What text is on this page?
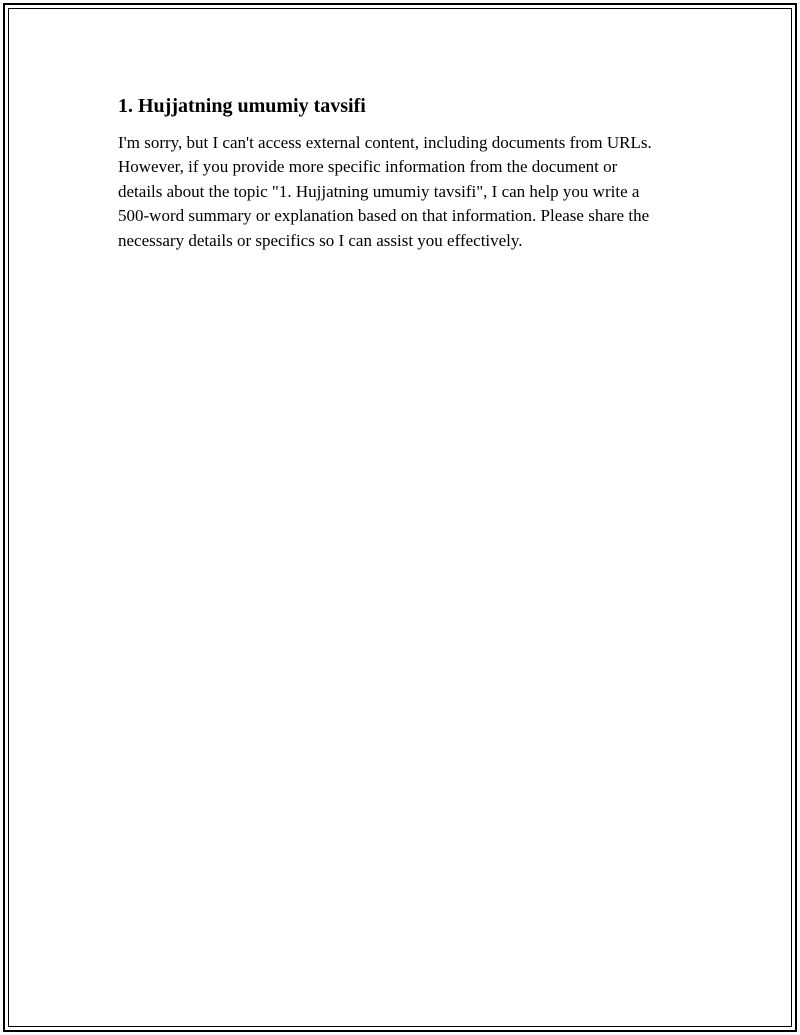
1. Hujjatning umumiy tavsifi

I'm sorry, but I can't access external content, including documents from URLs. However, if you provide more specific information from the document or details about the topic "1. Hujjatning umumiy tavsifi", I can help you write a 500-word summary or explanation based on that information. Please share the necessary details or specifics so I can assist you effectively.
